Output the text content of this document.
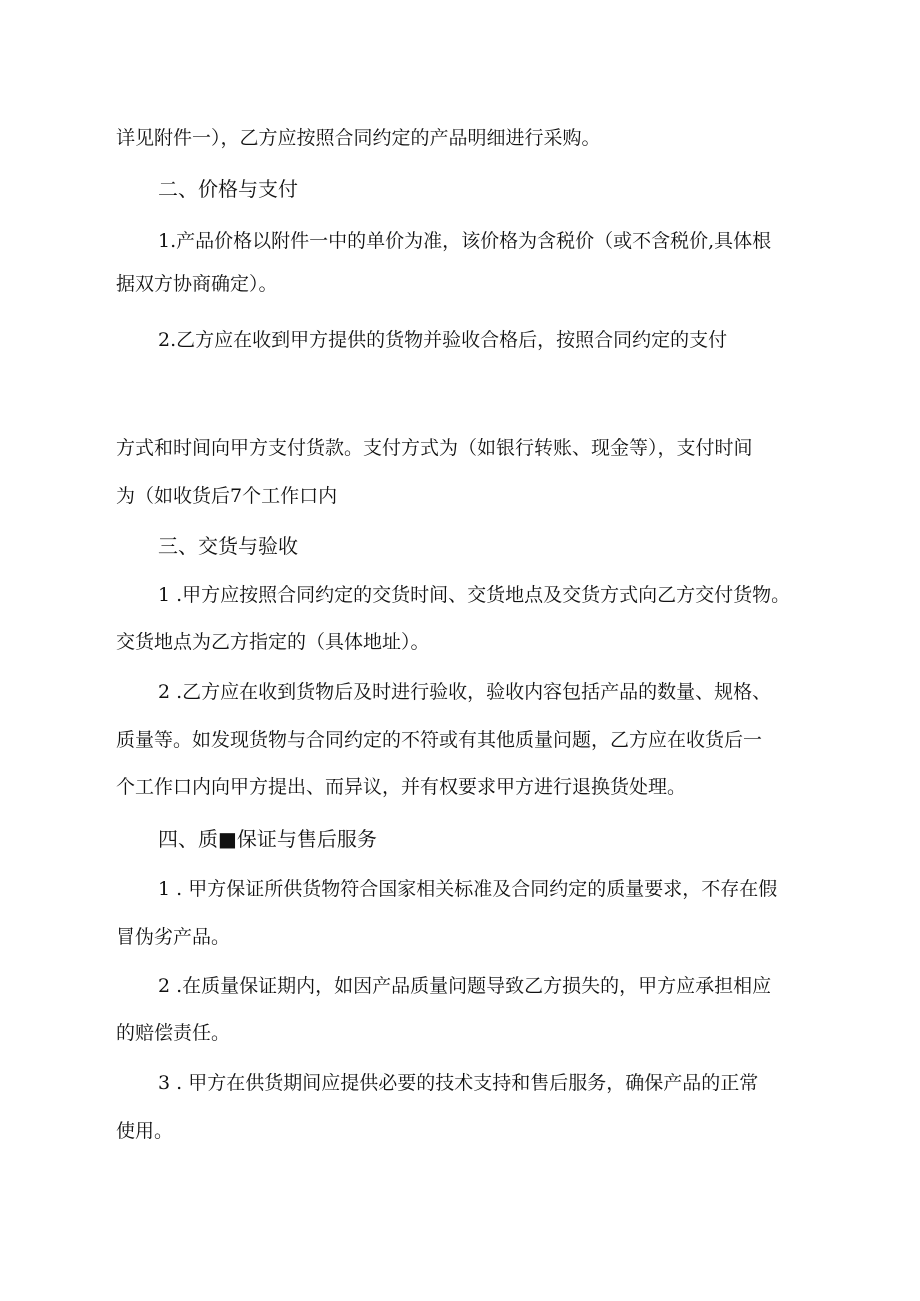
详见附件一），乙方应按照合同约定的产品明细进行采购。
二、价格与支付
1.产品价格以附件一中的单价为准，该价格为含税价（或不含税价,具体根
据双方协商确定）。
2.乙方应在收到甲方提供的货物并验收合格后，按照合同约定的支付
方式和时间向甲方支付货款。支付方式为（如银行转账、现金等），支付时间
为（如收货后7个工作口内
三、交货与验收
1 .甲方应按照合同约定的交货时间、交货地点及交货方式向乙方交付货物。
交货地点为乙方指定的（具体地址）。
2 .乙方应在收到货物后及时进行验收，验收内容包括产品的数量、规格、
质量等。如发现货物与合同约定的不符或有其他质量问题，乙方应在收货后一
个工作口内向甲方提出、而异议，并有权要求甲方进行退换货处理。
四、质■保证与售后服务
1 . 甲方保证所供货物符合国家相关标准及合同约定的质量要求，不存在假
冒伪劣产品。
2 .在质量保证期内，如因产品质量问题导致乙方损失的，甲方应承担相应
的赔偿责任。
3 . 甲方在供货期间应提供必要的技术支持和售后服务，确保产品的正常
使用。
